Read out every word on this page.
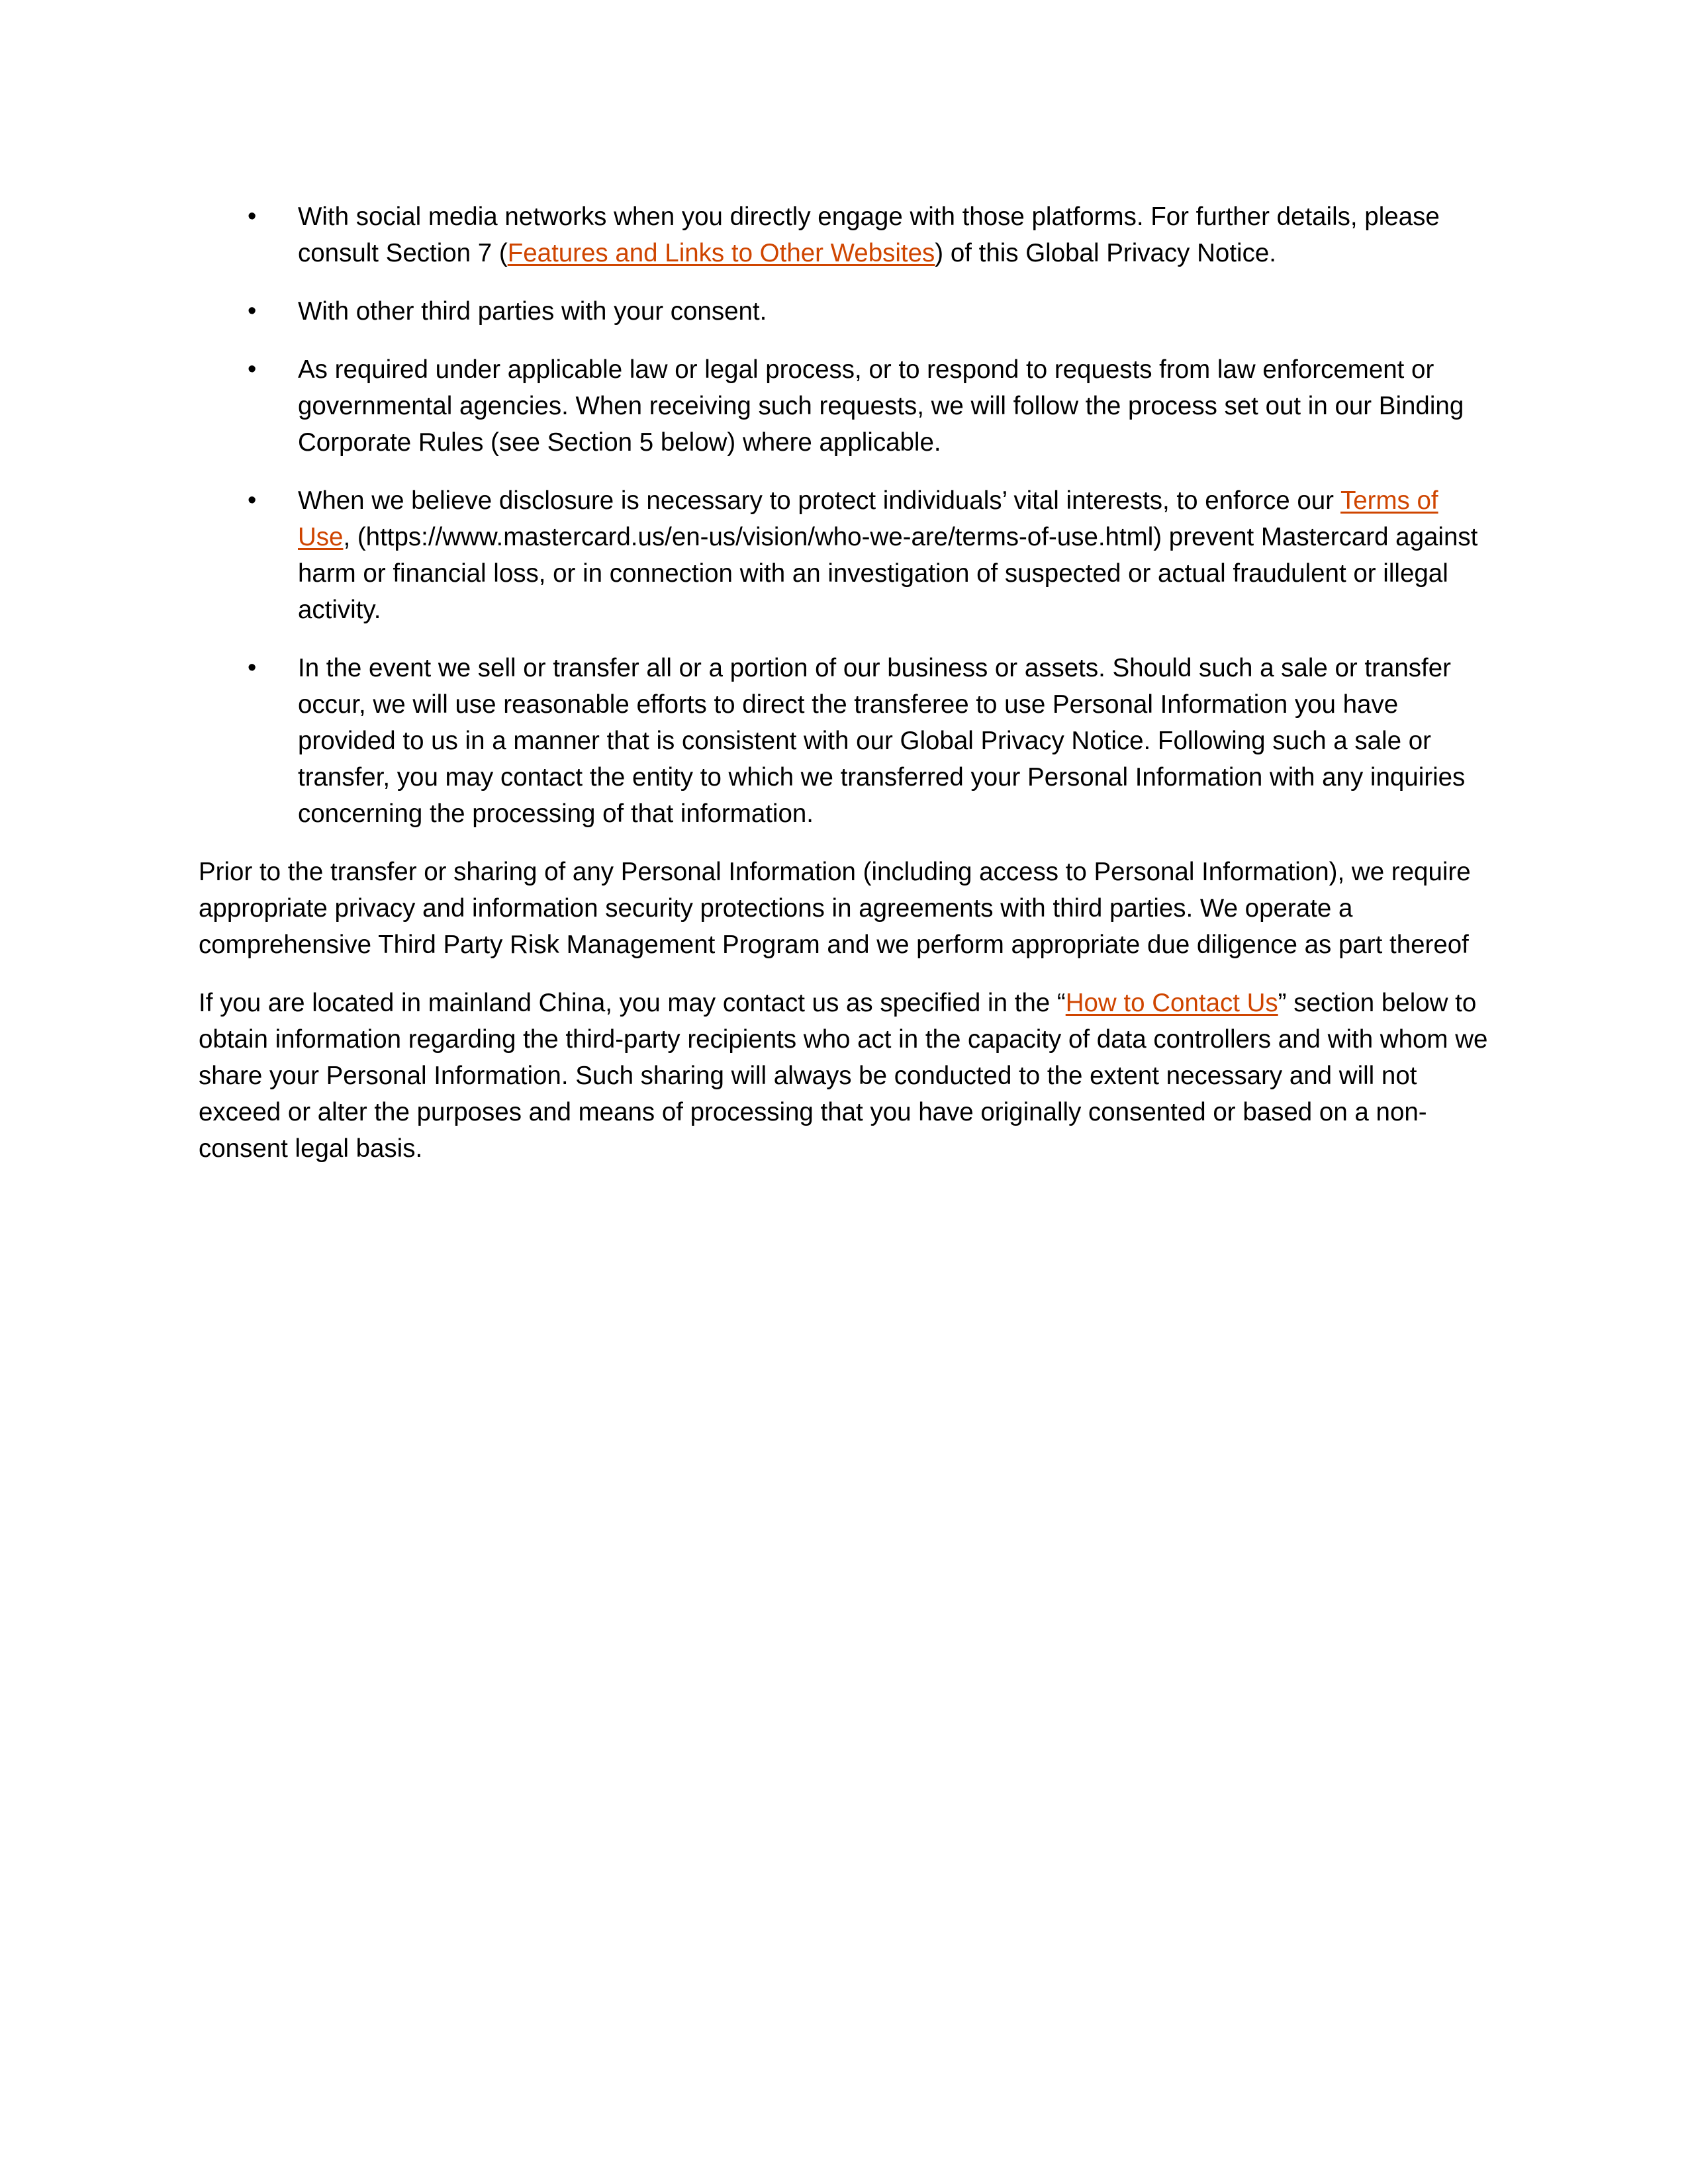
• With social media networks when you directly engage with those platforms. For further details, please consult Section 7 (Features and Links to Other Websites) of this Global Privacy Notice.
• With other third parties with your consent.
• As required under applicable law or legal process, or to respond to requests from law enforcement or governmental agencies. When receiving such requests, we will follow the process set out in our Binding Corporate Rules (see Section 5 below) where applicable.
• When we believe disclosure is necessary to protect individuals’ vital interests, to enforce our Terms of Use, (https://www.mastercard.us/en-us/vision/who-we-are/terms-of-use.html) prevent Mastercard against harm or financial loss, or in connection with an investigation of suspected or actual fraudulent or illegal activity.
• In the event we sell or transfer all or a portion of our business or assets. Should such a sale or transfer occur, we will use reasonable efforts to direct the transferee to use Personal Information you have provided to us in a manner that is consistent with our Global Privacy Notice. Following such a sale or transfer, you may contact the entity to which we transferred your Personal Information with any inquiries concerning the processing of that information.

Prior to the transfer or sharing of any Personal Information (including access to Personal Information), we require appropriate privacy and information security protections in agreements with third parties. We operate a comprehensive Third Party Risk Management Program and we perform appropriate due diligence as part thereof

If you are located in mainland China, you may contact us as specified in the “How to Contact Us” section below to obtain information regarding the third-party recipients who act in the capacity of data controllers and with whom we share your Personal Information. Such sharing will always be conducted to the extent necessary and will not exceed or alter the purposes and means of processing that you have originally consented or based on a non-consent legal basis.
